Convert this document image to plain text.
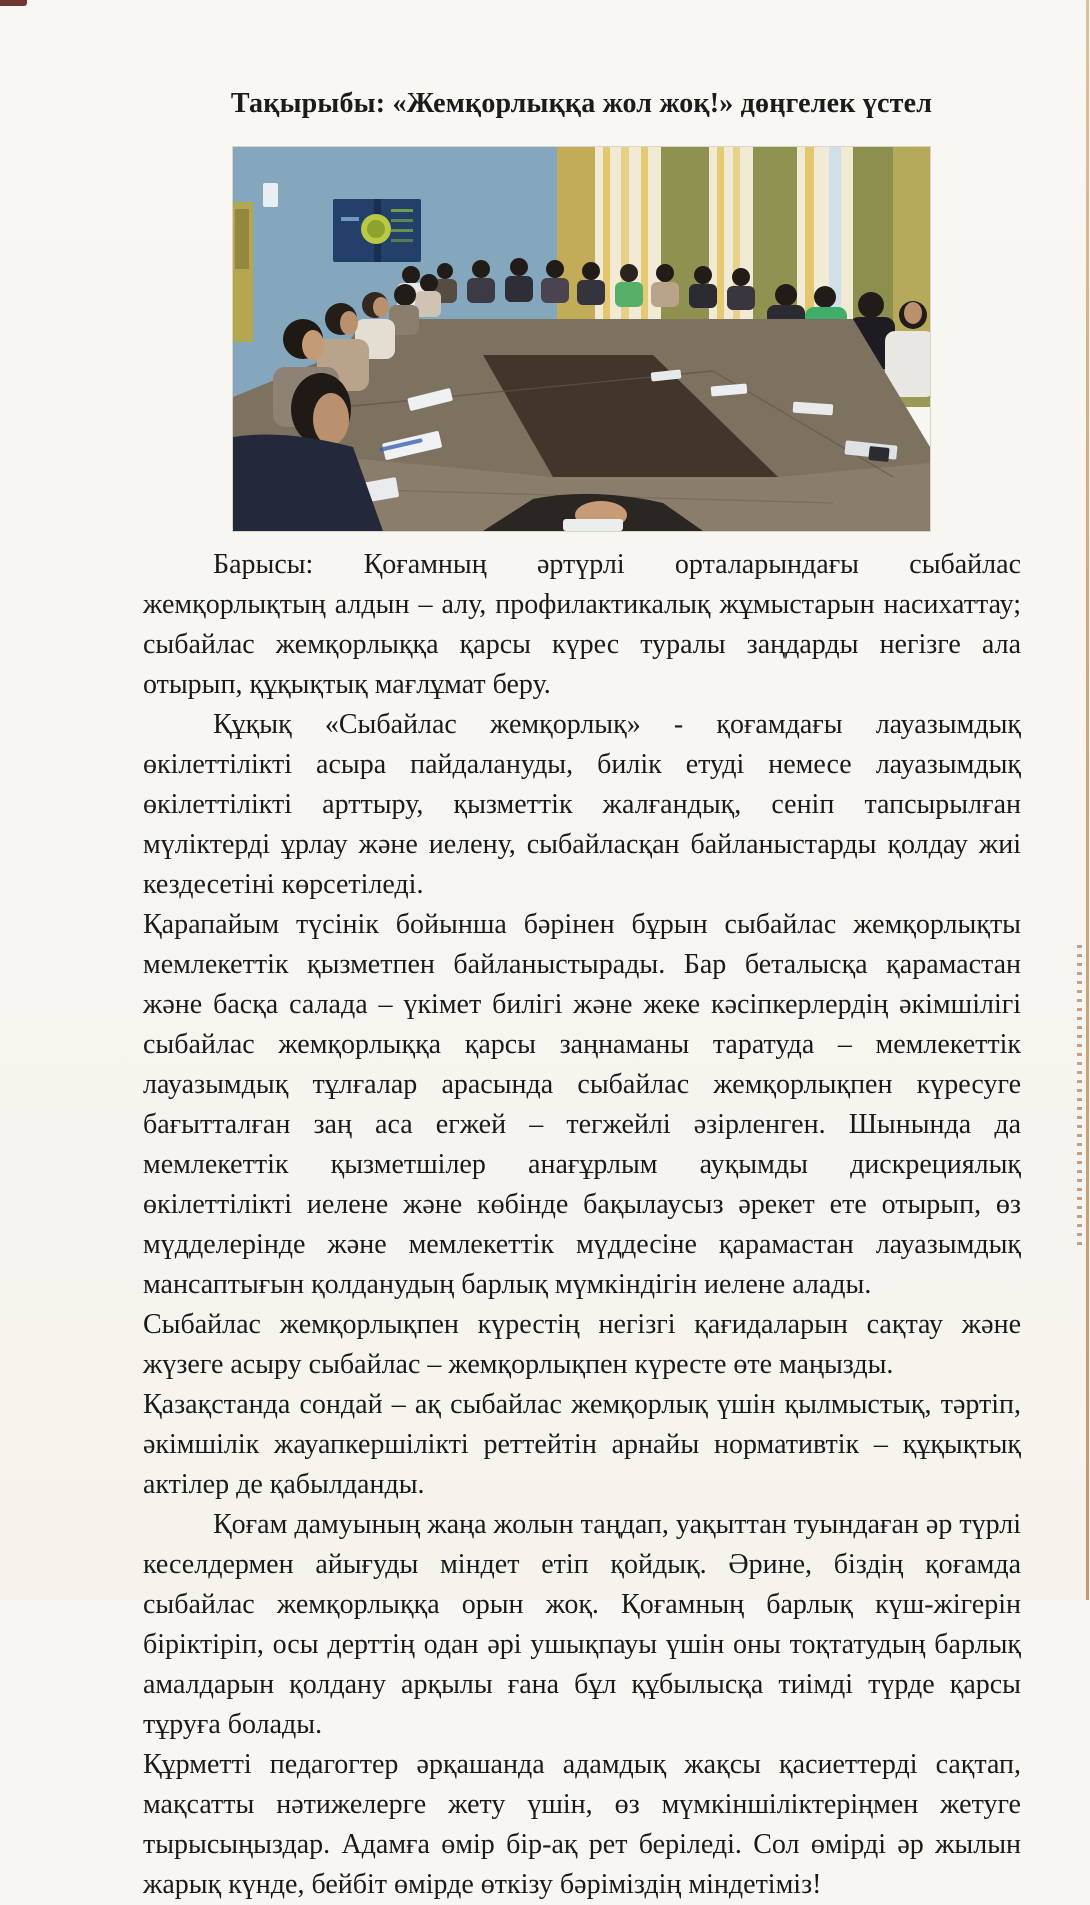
Тақырыбы: «Жемқорлыққа жол жоқ!» дөңгелек үстел

Барысы: Қоғамның әртүрлі орталарындағы сыбайлас жемқорлықтың алдын – алу, профилактикалық жұмыстарын насихаттау; сыбайлас жемқорлыққа қарсы күрес туралы заңдарды негізге ала отырып, құқықтық мағлұмат беру.

Құқық «Сыбайлас жемқорлық» - қоғамдағы лауазымдық өкілеттілікті асыра пайдалануды, билік етуді немесе лауазымдық өкілеттілікті арттыру, қызметтік жалғандық, сеніп тапсырылған мүліктерді ұрлау және иелену, сыбайласқан байланыстарды қолдау жиі кездесетіні көрсетіледі.

Қарапайым түсінік бойынша бәрінен бұрын сыбайлас жемқорлықты мемлекеттік қызметпен байланыстырады. Бар беталысқа қарамастан және басқа салада – үкімет билігі және жеке кәсіпкерлердің әкімшілігі сыбайлас жемқорлыққа қарсы заңнаманы таратуда – мемлекеттік лауазымдық тұлғалар арасында сыбайлас жемқорлықпен күресуге бағытталған заң аса егжей – тегжейлі әзірленген. Шынында да мемлекеттік қызметшілер анағұрлым ауқымды дискрециялық өкілеттілікті иелене және көбінде бақылаусыз әрекет ете отырып, өз мүдделерінде және мемлекеттік мүддесіне қарамастан лауазымдық мансаптығын қолданудың барлық мүмкіндігін иелене алады.

Сыбайлас жемқорлықпен күрестің негізгі қағидаларын сақтау және жүзеге асыру сыбайлас – жемқорлықпен күресте өте маңызды.

Қазақстанда сондай – ақ сыбайлас жемқорлық үшін қылмыстық, тәртіп, әкімшілік жауапкершілікті реттейтін арнайы нормативтік – құқықтық актілер де қабылданды.

Қоғам дамуының жаңа жолын таңдап, уақыттан туындаған әр түрлі кеселдермен айығуды міндет етіп қойдық. Әрине, біздің қоғамда сыбайлас жемқорлыққа орын жоқ. Қоғамның барлық күш-жігерін біріктіріп, осы дерттің одан әрі ушықпауы үшін оны тоқтатудың барлық амалдарын қолдану арқылы ғана бұл құбылысқа тиімді түрде қарсы тұруға болады.

Құрметті педагогтер әрқашанда адамдық жақсы қасиеттерді сақтап, мақсатты нәтижелерге жету үшін, өз мүмкіншіліктеріңмен жетуге тырысыңыздар. Адамға өмір бір-ақ рет беріледі. Сол өмірді әр жылын жарық күнде, бейбіт өмірде өткізу бәріміздің міндетіміз!
